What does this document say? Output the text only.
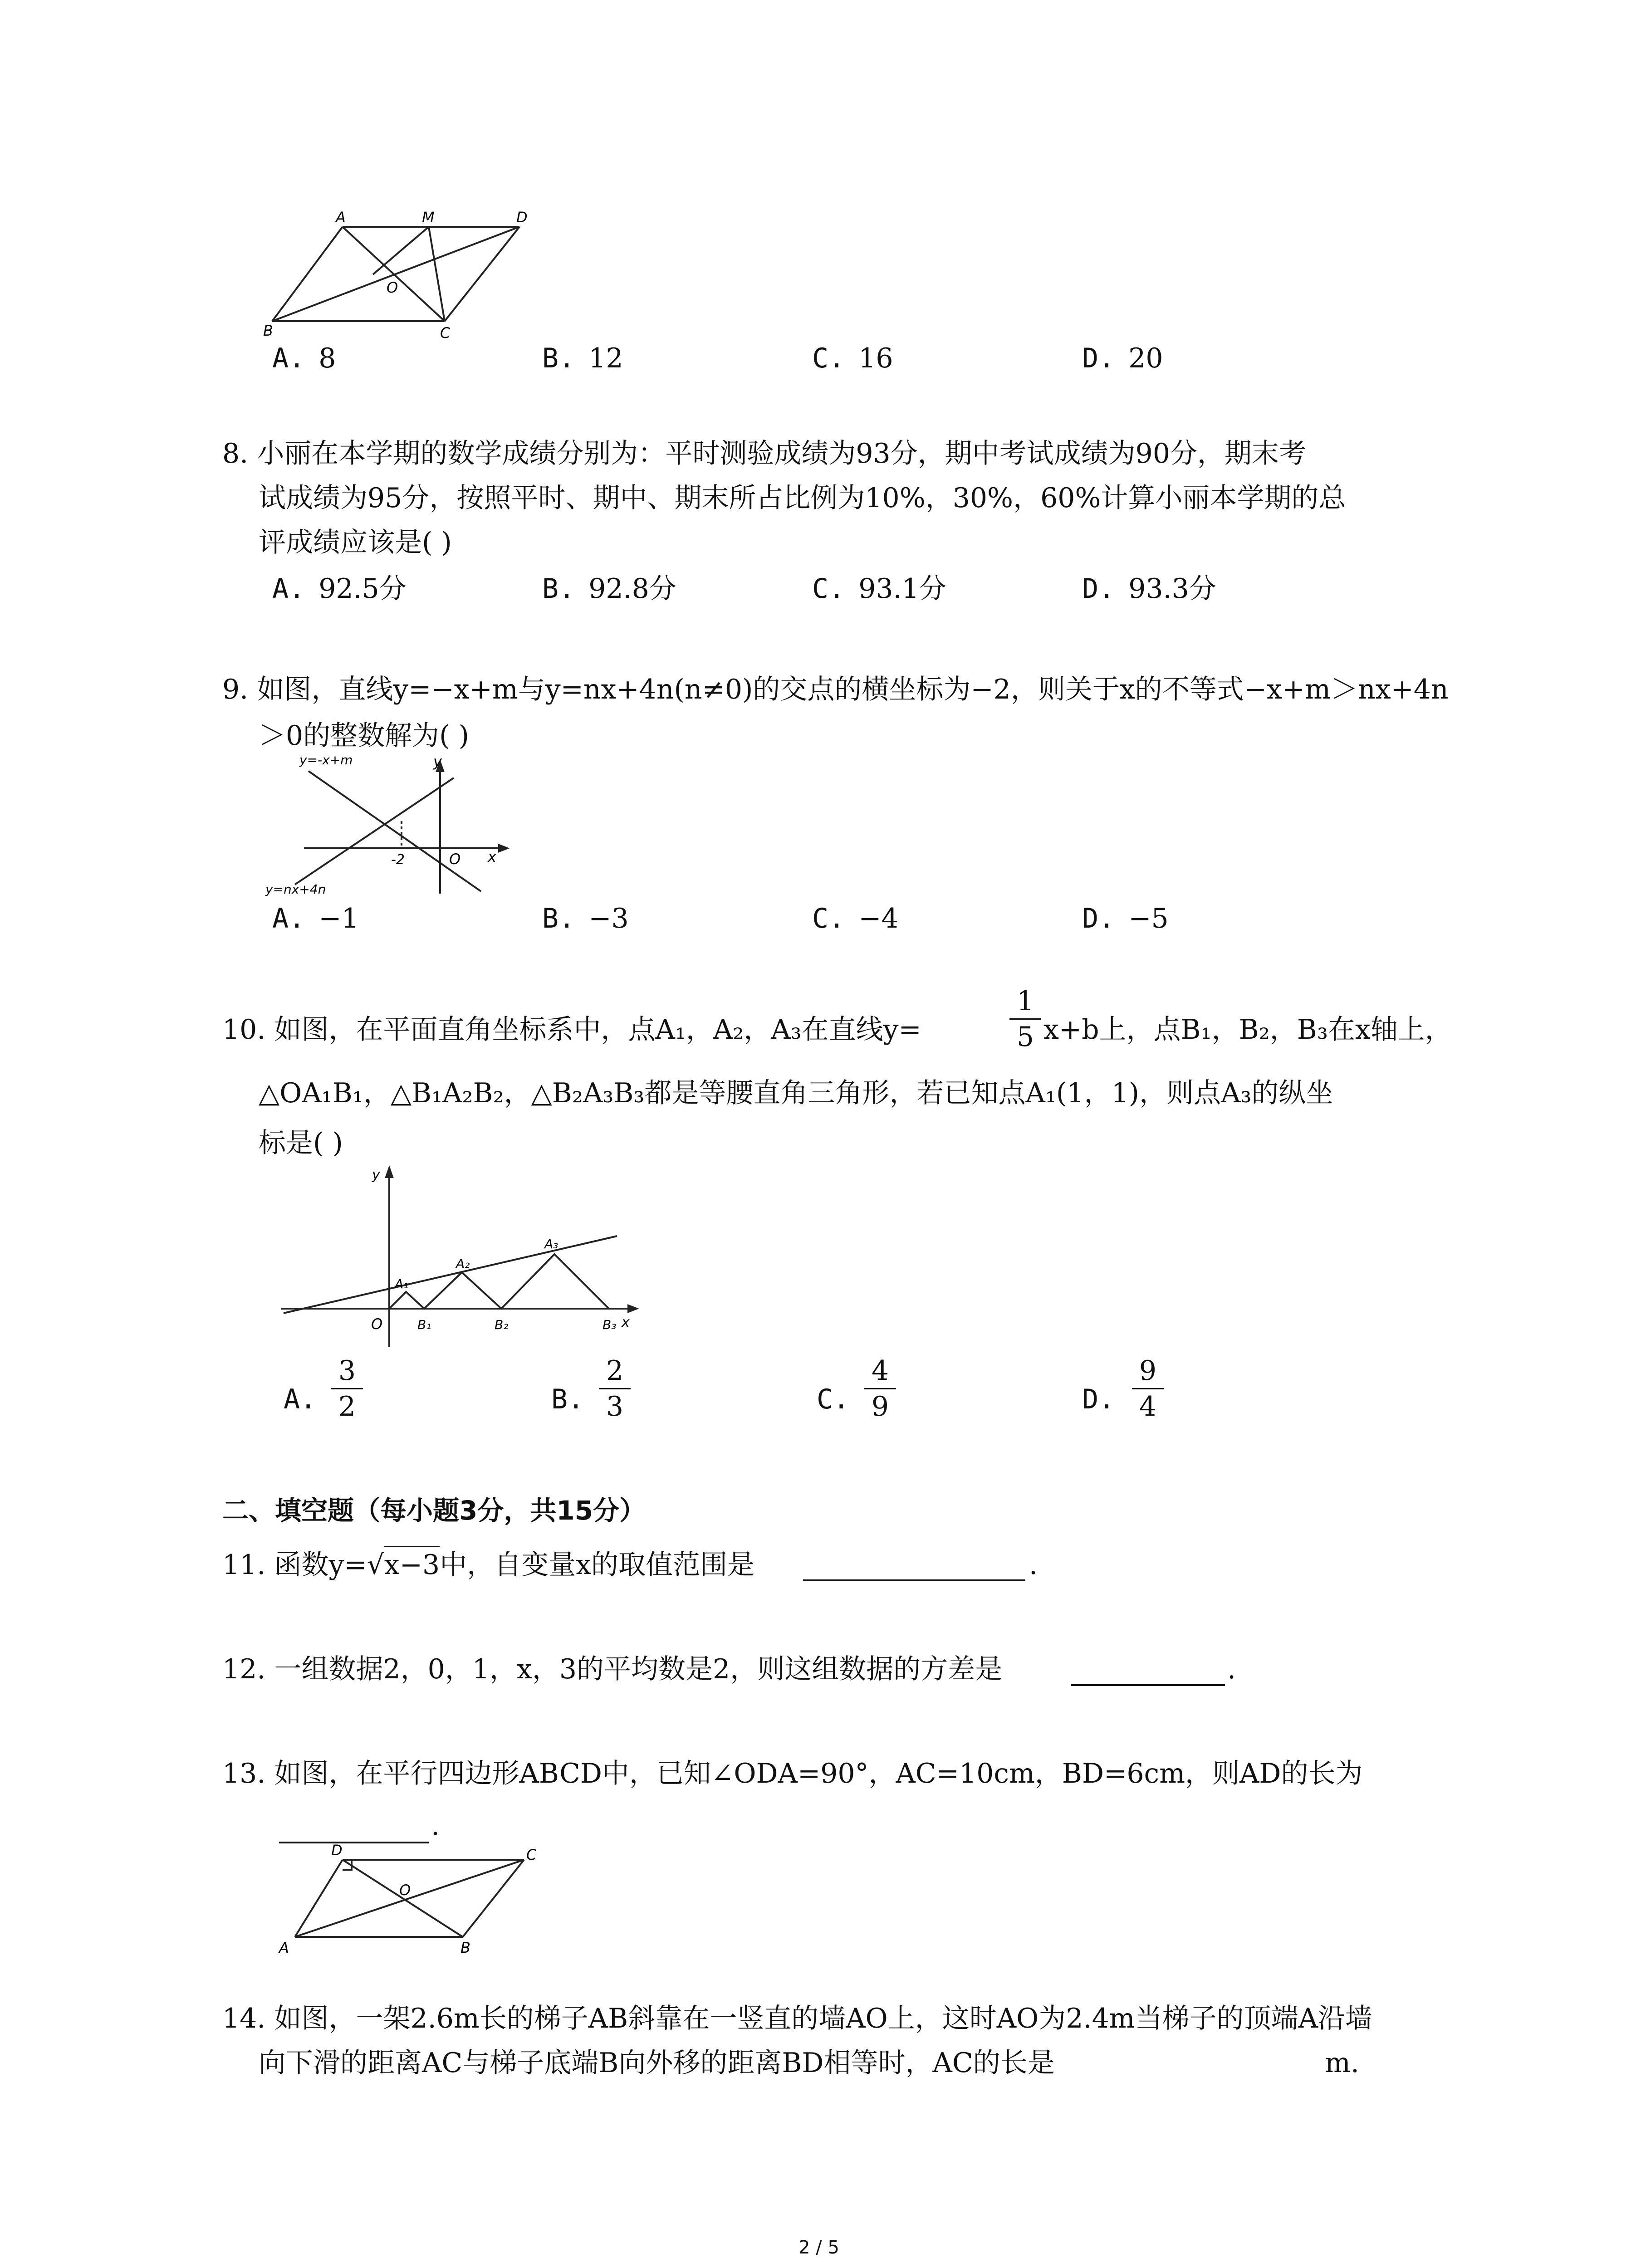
A	M	D
O
B	C
A. 8	B. 12	C. 16	D. 20
8. 小丽在本学期的数学成绩分别为：平时测验成绩为93分，期中考试成绩为90分，期末考
试成绩为95分，按照平时、期中、期末所占比例为10%，30%，60%计算小丽本学期的总
评成绩应该是( )
A. 92.5分	B. 92.8分	C. 93.1分	D. 93.3分
9. 如图，直线y=−x+m与y=nx+4n(n≠0)的交点的横坐标为−2，则关于x的不等式−x+m＞nx+4n
＞0的整数解为( )
y=-x+m
y=nx+4n
y
x
O
-2
A. −1	B. −3	C. −4	D. −5
10. 如图，在平面直角坐标系中，点A₁，A₂，A₃在直线y=
1
5 x+b上，点B₁，B₂，B₃在x轴上，
△OA₁B₁，△B₁A₂B₂，△B₂A₃B₃都是等腰直角三角形，若已知点A₁(1，1)，则点A₃的纵坐
标是( )
y
x
O
A₁
A₂
A₃
B₁	B₂	B₃
A.
3
2	B.
2
3	C.
4
9	D.
9
4
二、填空题（每小题3分，共15分）
11. 函数y=√x−3中，自变量x的取值范围是	.
12. 一组数据2，0，1，x，3的平均数是2，则这组数据的方差是	.
13. 如图，在平行四边形ABCD中，已知∠ODA=90°，AC=10cm，BD=6cm，则AD的长为
.
D	C
O
A	B
14. 如图，一架2.6m长的梯子AB斜靠在一竖直的墙AO上，这时AO为2.4m当梯子的顶端A沿墙
向下滑的距离AC与梯子底端B向外移的距离BD相等时，AC的长是	m.
2 / 5
